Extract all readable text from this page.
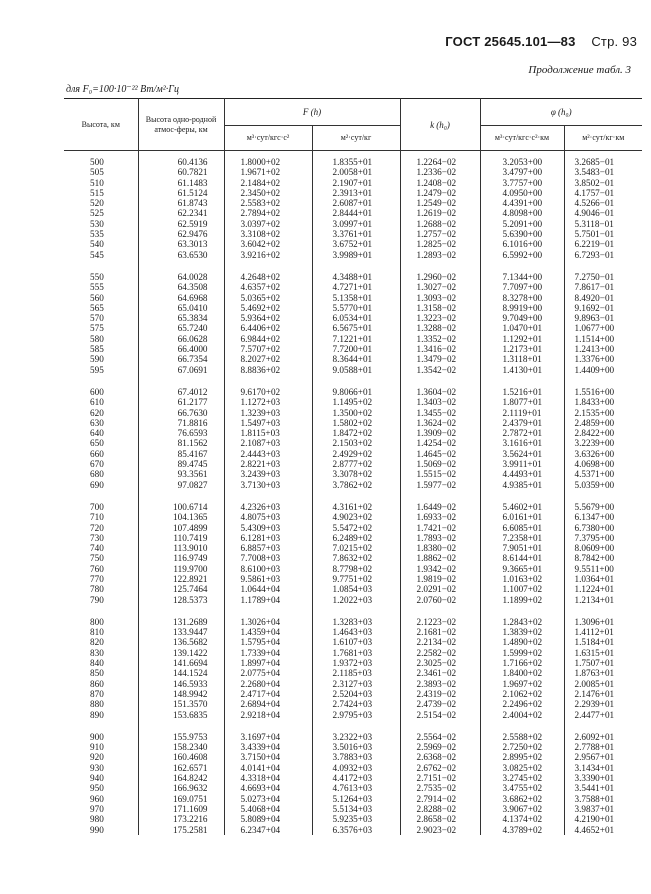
ГОСТ 25645.101—83 Стр. 93
Продолжение табл. 3
для F₀=100·10⁻²² Вт/м²·Гц
Высота, км	Высота одно-родной атмос-феры, км	F (h)		k (h₀)	φ (h₀)	
		м³·сут/кгс·с²	м²·сут/кг		м³·сут/кгс·с²·км	м²·сут/кг·км
500	60.4136	1.8000+02	1.8355+01	1.2264−02	3.2053+00	3.2685−01
505	60.7821	1.9671+02	2.0058+01	1.2336−02	3.4797+00	3.5483−01
510	61.1483	2.1484+02	2.1907+01	1.2408−02	3.7757+00	3.8502−01
515	61.5124	2.3450+02	2.3913+01	1.2479−02	4.0950+00	4.1757−01
520	61.8743	2.5583+02	2.6087+01	1.2549−02	4.4391+00	4.5266−01
525	62.2341	2.7894+02	2.8444+01	1.2619−02	4.8098+00	4.9046−01
530	62.5919	3.0397+02	3.0997+01	1.2688−02	5.2091+00	5.3118−01
535	62.9476	3.3108+02	3.3761+01	1.2757−02	5.6390+00	5.7501−01
540	63.3013	3.6042+02	3.6752+01	1.2825−02	6.1016+00	6.2219−01
545	63.6530	3.9216+02	3.9989+01	1.2893−02	6.5992+00	6.7293−01
550	64.0028	4.2648+02	4.3488+01	1.2960−02	7.1344+00	7.2750−01
555	64.3508	4.6357+02	4.7271+01	1.3027−02	7.7097+00	7.8617−01
560	64.6968	5.0365+02	5.1358+01	1.3093−02	8.3278+00	8.4920−01
565	65.0410	5.4692+02	5.5770+01	1.3158−02	8.9919+00	9.1692−01
570	65.3834	5.9364+02	6.0534+01	1.3223−02	9.7049+00	9.8963−01
575	65.7240	6.4406+02	6.5675+01	1.3288−02	1.0470+01	1.0677+00
580	66.0628	6.9844+02	7.1221+01	1.3352−02	1.1292+01	1.1514+00
585	66.4000	7.5707+02	7.7200+01	1.3416−02	1.2173+01	1.2413+00
590	66.7354	8.2027+02	8.3644+01	1.3479−02	1.3118+01	1.3376+00
595	67.0691	8.8836+02	9.0588+01	1.3542−02	1.4130+01	1.4409+00
600	67.4012	9.6170+02	9.8066+01	1.3604−02	1.5216+01	1.5516+00
610	61.2177	1.1272+03	1.1495+02	1.3403−02	1.8077+01	1.8433+00
620	66.7630	1.3239+03	1.3500+02	1.3455−02	2.1119+01	2.1535+00
630	71.8816	1.5497+03	1.5802+02	1.3624−02	2.4379+01	2.4859+00
640	76.6593	1.8115+03	1.8472+02	1.3909−02	2.7872+01	2.8422+00
650	81.1562	2.1087+03	2.1503+02	1.4254−02	3.1616+01	3.2239+00
660	85.4167	2.4443+03	2.4929+02	1.4645−02	3.5624+01	3.6326+00
670	89.4745	2.8221+03	2.8777+02	1.5069−02	3.9911+01	4.0698+00
680	93.3561	3.2439+03	3.3078+02	1.5515−02	4.4493+01	4.5371+00
690	97.0827	3.7130+03	3.7862+02	1.5977−02	4.9385+01	5.0359+00
700	100.6714	4.2326+03	4.3161+02	1.6449−02	5.4602+01	5.5679+00
710	104.1365	4.8075+03	4.9023+02	1.6933−02	6.0161+01	6.1347+00
720	107.4899	5.4309+03	5.5472+02	1.7421−02	6.6085+01	6.7380+00
730	110.7419	6.1281+03	6.2489+02	1.7893−02	7.2358+01	7.3795+00
740	113.9010	6.8857+03	7.0215+02	1.8380−02	7.9051+01	8.0609+00
750	116.9749	7.7008+03	7.8632+02	1.8862−02	8.6144+01	8.7842+00
760	119.9700	8.6100+03	8.7798+02	1.9342−02	9.3665+01	9.5511+00
770	122.8921	9.5861+03	9.7751+02	1.9819−02	1.0163+02	1.0364+01
780	125.7464	1.0644+04	1.0854+03	2.0291−02	1.1007+02	1.1224+01
790	128.5373	1.1789+04	1.2022+03	2.0760−02	1.1899+02	1.2134+01
800	131.2689	1.3026+04	1.3283+03	2.1223−02	1.2843+02	1.3096+01
810	133.9447	1.4359+04	1.4643+03	2.1681−02	1.3839+02	1.4112+01
820	136.5682	1.5795+04	1.6107+03	2.2134−02	1.4890+02	1.5184+01
830	139.1422	1.7339+04	1.7681+03	2.2582−02	1.5999+02	1.6315+01
840	141.6694	1.8997+04	1.9372+03	2.3025−02	1.7166+02	1.7507+01
850	144.1524	2.0775+04	2.1185+03	2.3461−02	1.8400+02	1.8763+01
860	146.5933	2.2680+04	2.3127+03	2.3893−02	1.9697+02	2.0085+01
870	148.9942	2.4717+04	2.5204+03	2.4319−02	2.1062+02	2.1476+01
880	151.3570	2.6894+04	2.7424+03	2.4739−02	2.2496+02	2.2939+01
890	153.6835	2.9218+04	2.9795+03	2.5154−02	2.4004+02	2.4477+01
900	155.9753	3.1697+04	3.2322+03	2.5564−02	2.5588+02	2.6092+01
910	158.2340	3.4339+04	3.5016+03	2.5969−02	2.7250+02	2.7788+01
920	160.4608	3.7150+04	3.7883+03	2.6368−02	2.8995+02	2.9567+01
930	162.6571	4.0141+04	4.0932+03	2.6762−02	3.0825+02	3.1434+01
940	164.8242	4.3318+04	4.4172+03	2.7151−02	3.2745+02	3.3390+01
950	166.9632	4.6693+04	4.7613+03	2.7535−02	3.4755+02	3.5441+01
960	169.0751	5.0273+04	5.1264+03	2.7914−02	3.6862+02	3.7588+01
970	171.1609	5.4068+04	5.5134+03	2.8288−02	3.9067+02	3.9837+01
980	173.2216	5.8089+04	5.9235+03	2.8658−02	4.1374+02	4.2190+01
990	175.2581	6.2347+04	6.3576+03	2.9023−02	4.3789+02	4.4652+01
